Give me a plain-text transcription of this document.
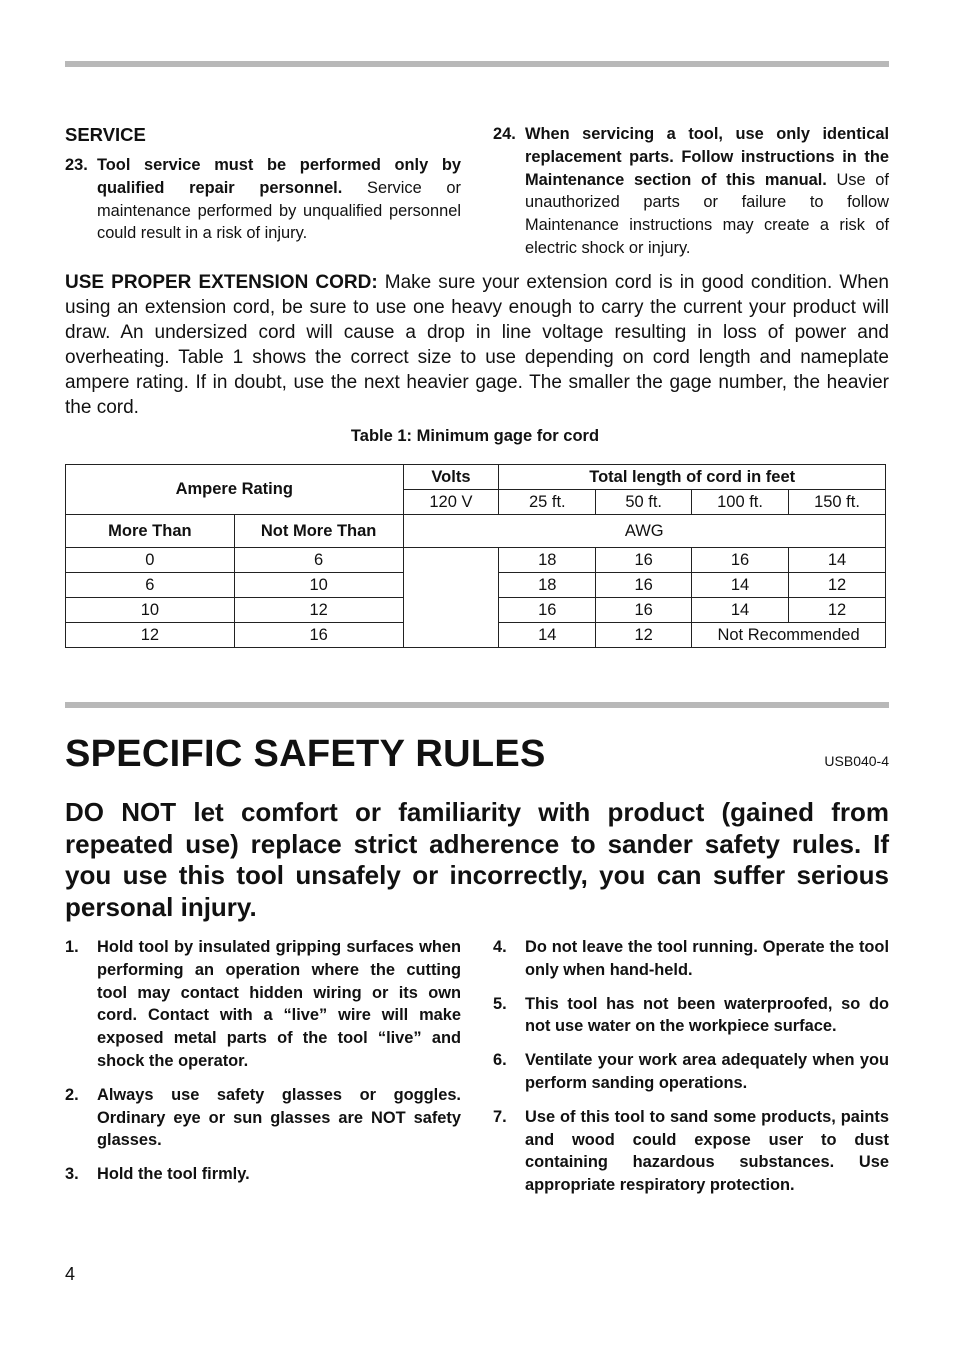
SERVICE
23. Tool service must be performed only by qualified repair personnel. Service or maintenance performed by unqualified personnel could result in a risk of injury.
24. When servicing a tool, use only identical replacement parts. Follow instructions in the Maintenance section of this manual. Use of unauthorized parts or failure to follow Maintenance instructions may create a risk of electric shock or injury.
USE PROPER EXTENSION CORD: Make sure your extension cord is in good condition. When using an extension cord, be sure to use one heavy enough to carry the current your product will draw. An undersized cord will cause a drop in line voltage resulting in loss of power and overheating. Table 1 shows the correct size to use depending on cord length and nameplate ampere rating. If in doubt, use the next heavier gage. The smaller the gage number, the heavier the cord.
Table 1: Minimum gage for cord
Ampere Rating		Volts	Total length of cord in feet			
		120 V	25 ft.	50 ft.	100 ft.	150 ft.
More Than	Not More Than	AWG				
0	6		18	16	16	14
6	10		18	16	14	12
10	12		16	16	14	12
12	16		14	12	Not Recommended	
SPECIFIC SAFETY RULES	USB040-4
DO NOT let comfort or familiarity with product (gained from repeated use) replace strict adherence to sander safety rules. If you use this tool unsafely or incorrectly, you can suffer serious personal injury.
1. Hold tool by insulated gripping surfaces when performing an operation where the cutting tool may contact hidden wiring or its own cord. Contact with a “live” wire will make exposed metal parts of the tool “live” and shock the operator.
2. Always use safety glasses or goggles. Ordinary eye or sun glasses are NOT safety glasses.
3. Hold the tool firmly.
4. Do not leave the tool running. Operate the tool only when hand-held.
5. This tool has not been waterproofed, so do not use water on the workpiece surface.
6. Ventilate your work area adequately when you perform sanding operations.
7. Use of this tool to sand some products, paints and wood could expose user to dust containing hazardous substances. Use appropriate respiratory protection.
4
